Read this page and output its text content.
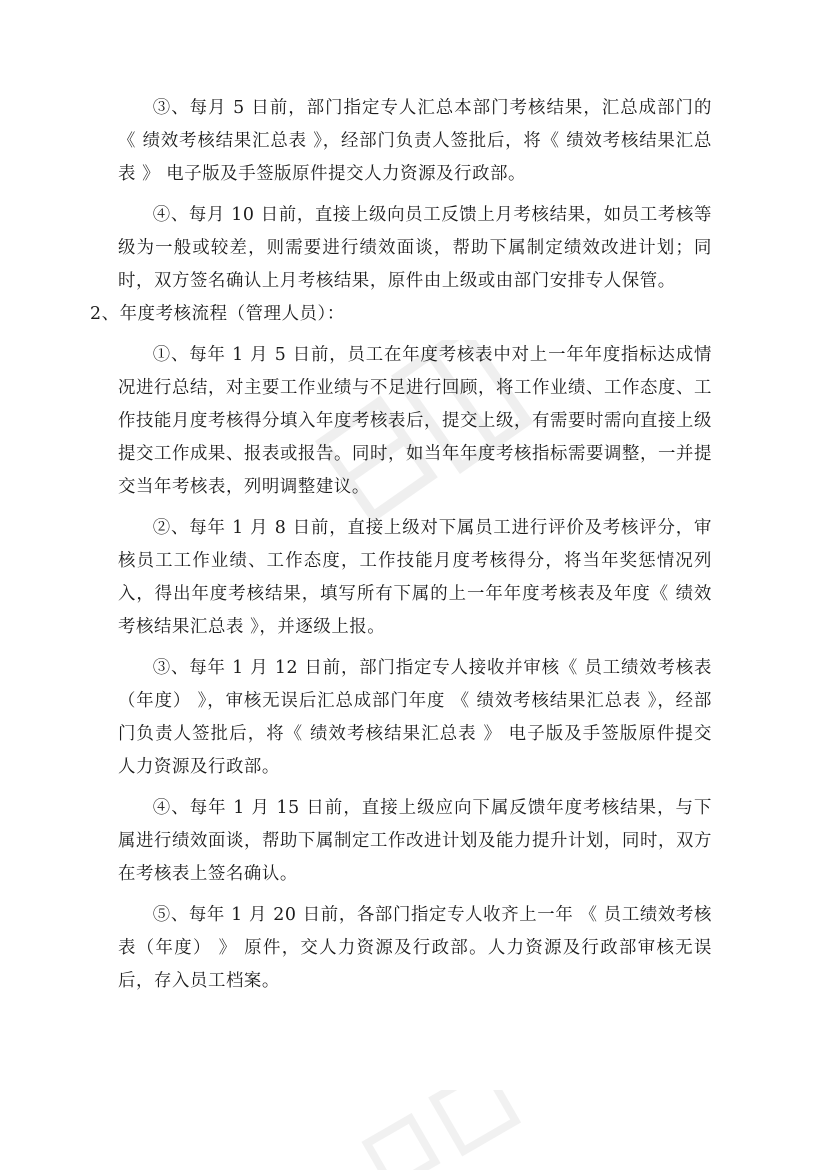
③、每月 5 日前，部门指定专人汇总本部门考核结果，汇总成部门的《 绩效考核结果汇总表 》，经部门负责人签批后，将《 绩效考核结果汇总表 》 电子版及手签版原件提交人力资源及行政部。

④、每月 10 日前，直接上级向员工反馈上月考核结果，如员工考核等级为一般或较差，则需要进行绩效面谈，帮助下属制定绩效改进计划；同时，双方签名确认上月考核结果，原件由上级或由部门安排专人保管。

2、年度考核流程（管理人员）：

①、每年 1 月 5 日前，员工在年度考核表中对上一年年度指标达成情况进行总结，对主要工作业绩与不足进行回顾，将工作业绩、工作态度、工作技能月度考核得分填入年度考核表后，提交上级，有需要时需向直接上级提交工作成果、报表或报告。同时，如当年年度考核指标需要调整，一并提交当年考核表，列明调整建议。

②、每年 1 月 8 日前，直接上级对下属员工进行评价及考核评分，审核员工工作业绩、工作态度，工作技能月度考核得分，将当年奖惩情况列入，得出年度考核结果，填写所有下属的上一年年度考核表及年度《 绩效考核结果汇总表 》，并逐级上报。

③、每年 1 月 12 日前，部门指定专人接收并审核《 员工绩效考核表（年度） 》，审核无误后汇总成部门年度 《 绩效考核结果汇总表 》，经部门负责人签批后，将《 绩效考核结果汇总表 》 电子版及手签版原件提交人力资源及行政部。

④、每年 1 月 15 日前，直接上级应向下属反馈年度考核结果，与下属进行绩效面谈，帮助下属制定工作改进计划及能力提升计划，同时，双方在考核表上签名确认。

⑤、每年 1 月 20 日前，各部门指定专人收齐上一年 《 员工绩效考核表（年度） 》 原件，交人力资源及行政部。人力资源及行政部审核无误后，存入员工档案。
